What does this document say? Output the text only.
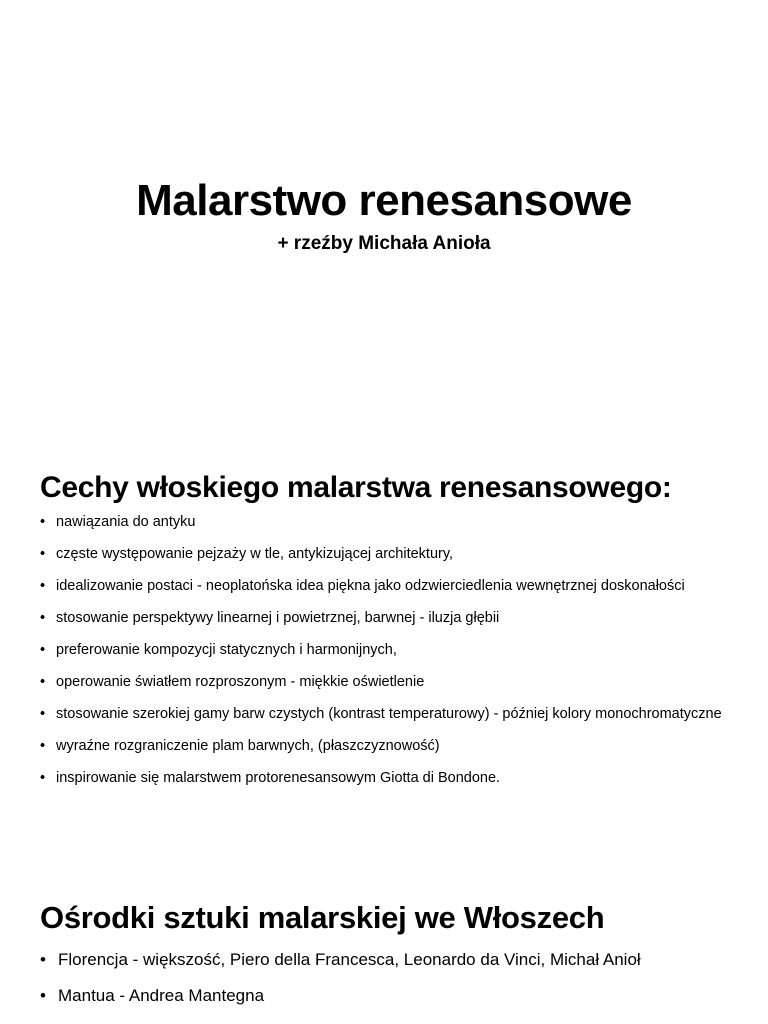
Malarstwo renesansowe

+ rzeźby Michała Anioła

Cechy włoskiego malarstwa renesansowego:
• nawiązania do antyku
• częste występowanie pejzaży w tle, antykizującej architektury,
• idealizowanie postaci - neoplatońska idea piękna jako odzwierciedlenia wewnętrznej doskonałości
• stosowanie perspektywy linearnej i powietrznej, barwnej - iluzja głębii
• preferowanie kompozycji statycznych i harmonijnych,
• operowanie światłem rozproszonym - miękkie oświetlenie
• stosowanie szerokiej gamy barw czystych (kontrast temperaturowy) - później kolory monochromatyczne
• wyraźne rozgraniczenie plam barwnych, (płaszczyznowość)
• inspirowanie się malarstwem protorenesansowym Giotta di Bondone.
Ośrodki sztuki malarskiej we Włoszech
• Florencja - większość, Piero della Francesca, Leonardo da Vinci, Michał Anioł
• Mantua - Andrea Mantegna
